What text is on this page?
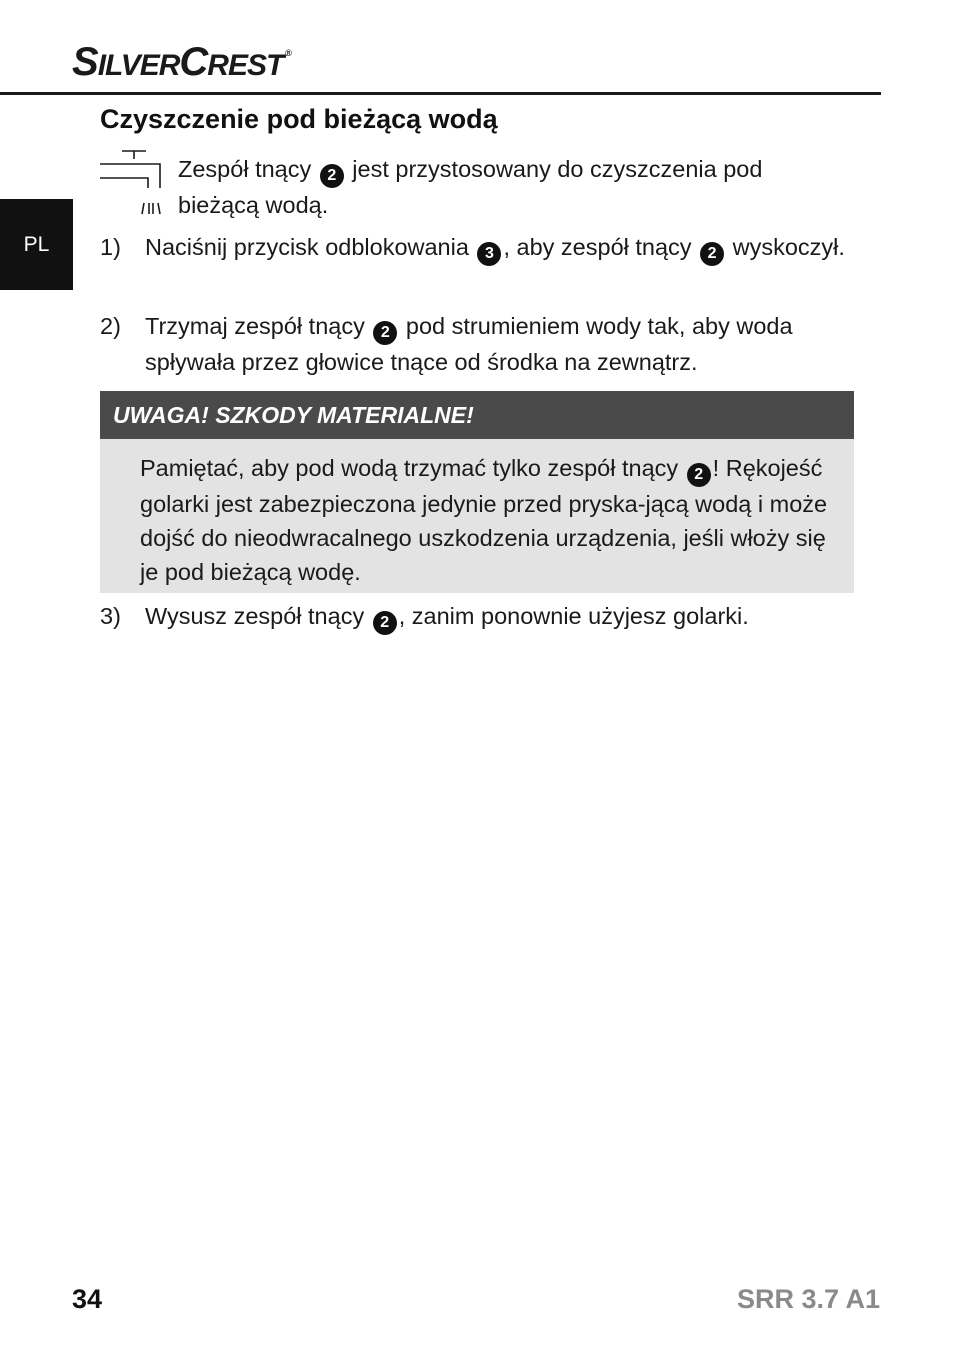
SILVERCREST ®
PL
Czyszczenie pod bieżącą wodą
Zespół tnący 2 jest przystosowany do czyszczenia pod bieżącą wodą.
1) Naciśnij przycisk odblokowania 3 , aby zespół tnący 2 wyskoczył.
2) Trzymaj zespół tnący 2 pod strumieniem wody tak, aby woda spływała przez głowice tnące od środka na zewnątrz.
UWAGA! SZKODY MATERIALNE!
Pamiętać, aby pod wodą trzymać tylko zespół tnący 2 ! Rękojeść golarki jest zabezpieczona jedynie przed pryska-jącą wodą i może dojść do nieodwracalnego uszkodzenia urządzenia, jeśli włoży się je pod bieżącą wodę.
3) Wysusz zespół tnący 2 , zanim ponownie użyjesz golarki.
34	SRR 3.7 A1
